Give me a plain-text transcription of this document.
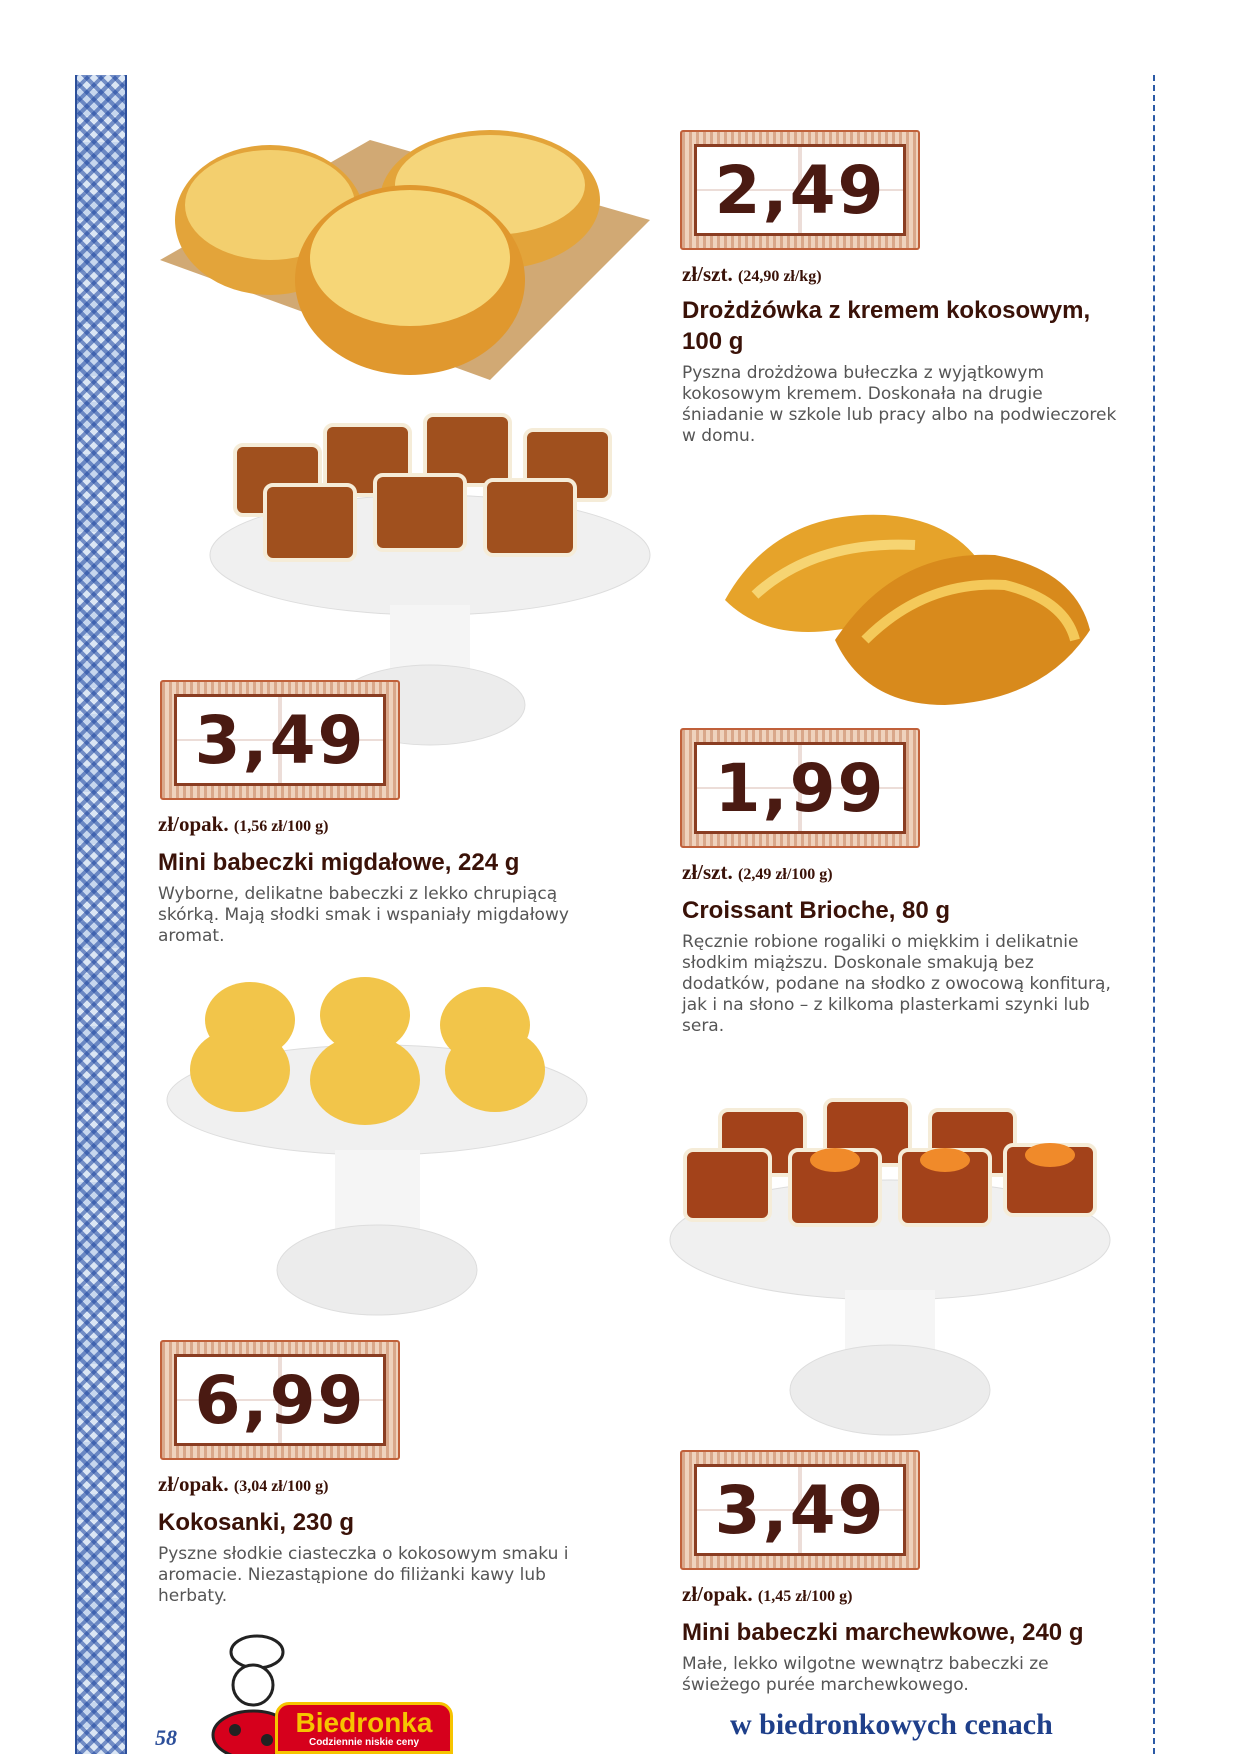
2,49
zł/szt. (24,90 zł/kg)
Drożdżówka z kremem kokosowym, 100 g
Pyszna drożdżowa bułeczka z wyjątkowym kokosowym kremem. Doskonała na drugie śniadanie w szkole lub pracy albo na podwieczorek w domu.
3,49
zł/opak. (1,56 zł/100 g)
Mini babeczki migdałowe, 224 g
Wyborne, delikatne babeczki z lekko chrupiącą skórką. Mają słodki smak i wspaniały migdałowy aromat.
1,99
zł/szt. (2,49 zł/100 g)
Croissant Brioche, 80 g
Ręcznie robione rogaliki o miękkim i delikatnie słodkim miąższu. Doskonale smakują bez dodatków, podane na słodko z owocową konfiturą, jak i na słono – z kilkoma plasterkami szynki lub sera.
6,99
zł/opak. (3,04 zł/100 g)
Kokosanki, 230 g
Pyszne słodkie ciasteczka o kokosowym smaku i aromacie. Niezastąpione do filiżanki kawy lub herbaty.
3,49
zł/opak. (1,45 zł/100 g)
Mini babeczki marchewkowe, 240 g
Małe, lekko wilgotne wewnątrz babeczki ze świeżego purée marchewkowego.
58	Biedronka
Codziennie niskie ceny
w biedronkowych cenach
